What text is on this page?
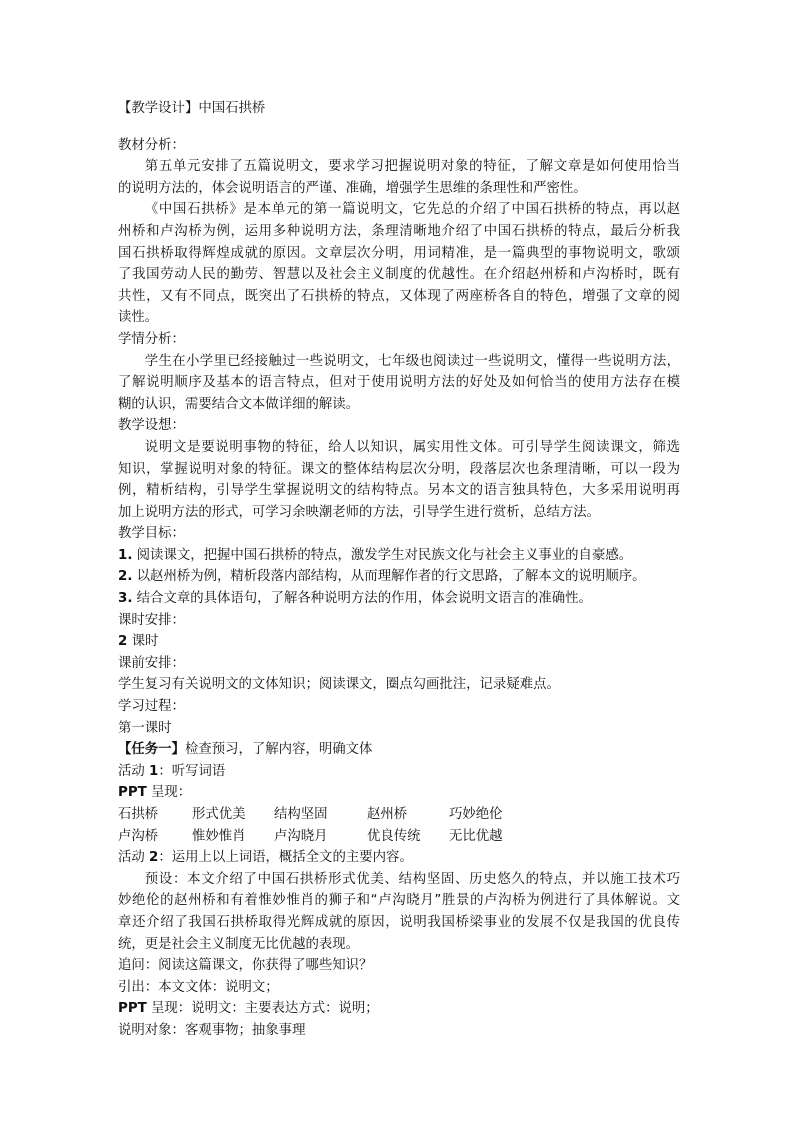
【教学设计】中国石拱桥
教材分析：
第五单元安排了五篇说明文，要求学习把握说明对象的特征，了解文章是如何使用恰当
的说明方法的，体会说明语言的严谨、准确，增强学生思维的条理性和严密性。
《中国石拱桥》是本单元的第一篇说明文，它先总的介绍了中国石拱桥的特点，再以赵
州桥和卢沟桥为例，运用多种说明方法，条理清晰地介绍了中国石拱桥的特点，最后分析我
国石拱桥取得辉煌成就的原因。文章层次分明，用词精准，是一篇典型的事物说明文，歌颂
了我国劳动人民的勤劳、智慧以及社会主义制度的优越性。在介绍赵州桥和卢沟桥时，既有
共性，又有不同点，既突出了石拱桥的特点，又体现了两座桥各自的特色，增强了文章的阅
读性。
学情分析：
学生在小学里已经接触过一些说明文，七年级也阅读过一些说明文，懂得一些说明方法，
了解说明顺序及基本的语言特点，但对于使用说明方法的好处及如何恰当的使用方法存在模
糊的认识，需要结合文本做详细的解读。
教学设想：
说明文是要说明事物的特征，给人以知识，属实用性文体。可引导学生阅读课文，筛选
知识，掌握说明对象的特征。课文的整体结构层次分明，段落层次也条理清晰，可以一段为
例，精析结构，引导学生掌握说明文的结构特点。另本文的语言独具特色，大多采用说明再
加上说明方法的形式，可学习余映潮老师的方法，引导学生进行赏析，总结方法。
教学目标：
1. 阅读课文，把握中国石拱桥的特点，激发学生对民族文化与社会主义事业的自豪感。
2. 以赵州桥为例，精析段落内部结构，从而理解作者的行文思路，了解本文的说明顺序。
3. 结合文章的具体语句，了解各种说明方法的作用，体会说明文语言的准确性。
课时安排：
2 课时
课前安排：
学生复习有关说明文的文体知识；阅读课文，圈点勾画批注，记录疑难点。
学习过程：
第一课时
【任务一】检查预习，了解内容，明确文体
活动 1：听写词语
PPT 呈现：
石拱桥	形式优美	结构坚固	赵州桥	巧妙绝伦
卢沟桥	惟妙惟肖	卢沟晓月	优良传统	无比优越
活动 2：运用上以上词语，概括全文的主要内容。
预设：本文介绍了中国石拱桥形式优美、结构坚固、历史悠久的特点，并以施工技术巧
妙绝伦的赵州桥和有着惟妙惟肖的狮子和“卢沟晓月”胜景的卢沟桥为例进行了具体解说。文
章还介绍了我国石拱桥取得光辉成就的原因，说明我国桥梁事业的发展不仅是我国的优良传
统，更是社会主义制度无比优越的表现。
追问：阅读这篇课文，你获得了哪些知识？
引出：本文文体：说明文；
PPT 呈现：说明文：主要表达方式：说明；
说明对象：客观事物；抽象事理
